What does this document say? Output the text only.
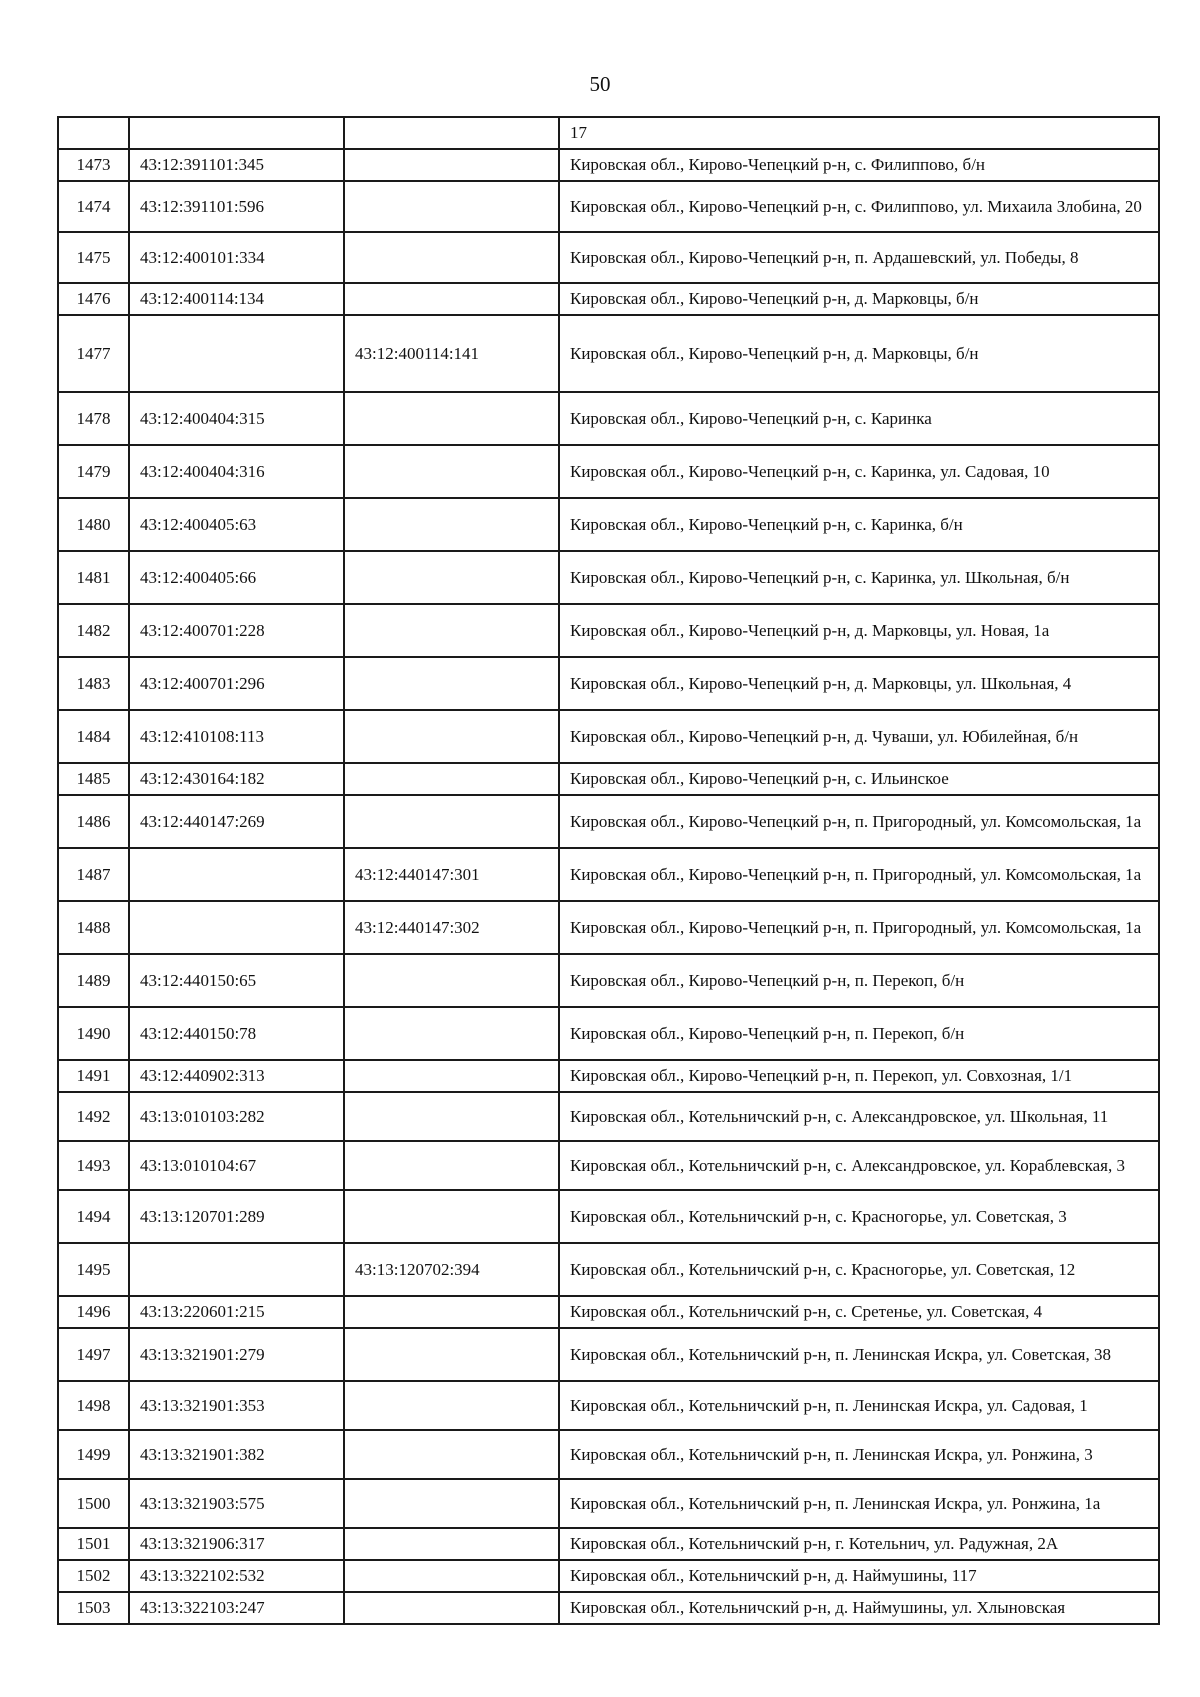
50
			17
1473	43:12:391101:345		Кировская обл., Кирово-Чепецкий р-н, с. Филиппово, б/н
1474	43:12:391101:596		Кировская обл., Кирово-Чепецкий р-н, с. Филиппово, ул. Михаила Злобина, 20
1475	43:12:400101:334		Кировская обл., Кирово-Чепецкий р-н, п. Ардашевский, ул. Победы, 8
1476	43:12:400114:134		Кировская обл., Кирово-Чепецкий р-н, д. Марковцы, б/н
1477		43:12:400114:141	Кировская обл., Кирово-Чепецкий р-н, д. Марковцы, б/н
1478	43:12:400404:315		Кировская обл., Кирово-Чепецкий р-н, с. Каринка
1479	43:12:400404:316		Кировская обл., Кирово-Чепецкий р-н, с. Каринка, ул. Садовая, 10
1480	43:12:400405:63		Кировская обл., Кирово-Чепецкий р-н, с. Каринка, б/н
1481	43:12:400405:66		Кировская обл., Кирово-Чепецкий р-н, с. Каринка, ул. Школьная, б/н
1482	43:12:400701:228		Кировская обл., Кирово-Чепецкий р-н, д. Марковцы, ул. Новая, 1а
1483	43:12:400701:296		Кировская обл., Кирово-Чепецкий р-н, д. Марковцы, ул. Школьная, 4
1484	43:12:410108:113		Кировская обл., Кирово-Чепецкий р-н, д. Чуваши, ул. Юбилейная, б/н
1485	43:12:430164:182		Кировская обл., Кирово-Чепецкий р-н, с. Ильинское
1486	43:12:440147:269		Кировская обл., Кирово-Чепецкий р-н, п. Пригородный, ул. Комсомольская, 1а
1487		43:12:440147:301	Кировская обл., Кирово-Чепецкий р-н, п. Пригородный, ул. Комсомольская, 1а
1488		43:12:440147:302	Кировская обл., Кирово-Чепецкий р-н, п. Пригородный, ул. Комсомольская, 1а
1489	43:12:440150:65		Кировская обл., Кирово-Чепецкий р-н, п. Перекоп, б/н
1490	43:12:440150:78		Кировская обл., Кирово-Чепецкий р-н, п. Перекоп, б/н
1491	43:12:440902:313		Кировская обл., Кирово-Чепецкий р-н, п. Перекоп, ул. Совхозная, 1/1
1492	43:13:010103:282		Кировская обл., Котельничский р-н, с. Александровское, ул. Школьная, 11
1493	43:13:010104:67		Кировская обл., Котельничский р-н, с. Александровское, ул. Кораблевская, 3
1494	43:13:120701:289		Кировская обл., Котельничский р-н, с. Красногорье, ул. Советская, 3
1495		43:13:120702:394	Кировская обл., Котельничский р-н, с. Красногорье, ул. Советская, 12
1496	43:13:220601:215		Кировская обл., Котельничский р-н, с. Сретенье, ул. Советская, 4
1497	43:13:321901:279		Кировская обл., Котельничский р-н, п. Ленинская Искра, ул. Советская, 38
1498	43:13:321901:353		Кировская обл., Котельничский р-н, п. Ленинская Искра, ул. Садовая, 1
1499	43:13:321901:382		Кировская обл., Котельничский р-н, п. Ленинская Искра, ул. Ронжина, 3
1500	43:13:321903:575		Кировская обл., Котельничский р-н, п. Ленинская Искра, ул. Ронжина, 1а
1501	43:13:321906:317		Кировская обл., Котельничский р-н, г. Котельнич, ул. Радужная, 2А
1502	43:13:322102:532		Кировская обл., Котельничский р-н, д. Наймушины, 117
1503	43:13:322103:247		Кировская обл., Котельничский р-н, д. Наймушины, ул. Хлыновская
